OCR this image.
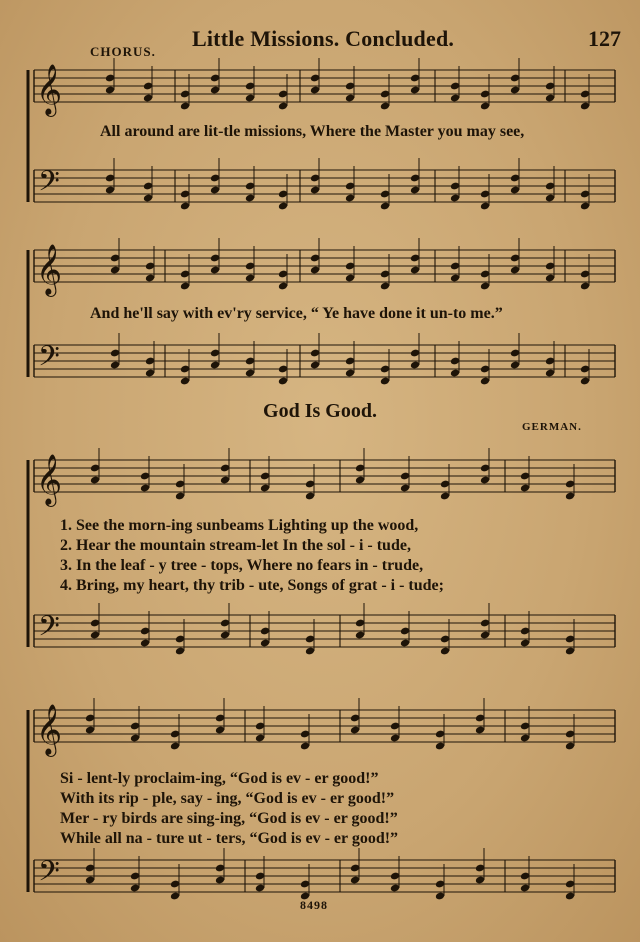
𝄞
𝄢
𝄞
𝄢
𝄞
𝄢
𝄞
𝄢
Little Missions. Concluded.	127
CHORUS.
All around are lit-tle missions, Where the Master you may see,
And he'll say with ev'ry service, “ Ye have done it un-to me.”
God Is Good.
GERMAN.
1. See the morn-ing sunbeams Lighting up the wood,
2. Hear the mountain stream-let In the sol - i - tude,
3. In the leaf - y tree - tops, Where no fears in - trude,
4. Bring, my heart, thy trib - ute, Songs of grat - i - tude;
Si - lent-ly proclaim-ing, “God is ev - er good!”
With its rip - ple, say - ing, “God is ev - er good!”
Mer - ry birds are sing-ing, “God is ev - er good!”
While all na - ture ut - ters, “God is ev - er good!”
8498
